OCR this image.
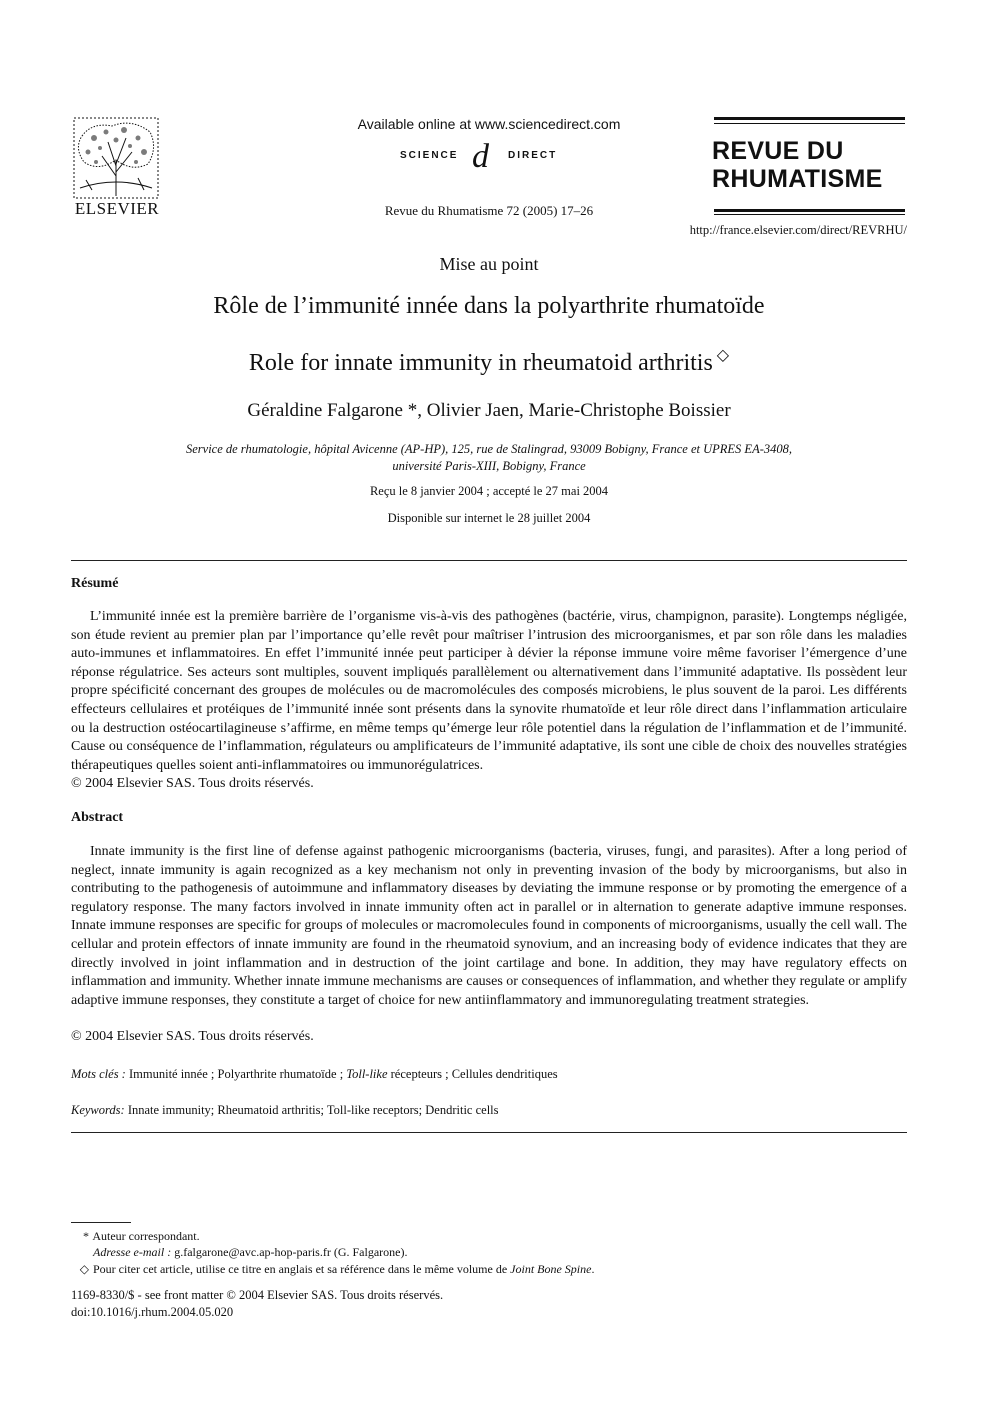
ELSEVIER
Available online at www.sciencedirect.com
SCIENCE d DIRECT
Revue du Rhumatisme 72 (2005) 17–26
REVUE DU
RHUMATISME
http://france.elsevier.com/direct/REVRHU/
Mise au point
Rôle de l’immunité innée dans la polyarthrite rhumatoïde
Role for innate immunity in rheumatoid arthritis ◇
Géraldine Falgarone *, Olivier Jaen, Marie-Christophe Boissier
Service de rhumatologie, hôpital Avicenne (AP-HP), 125, rue de Stalingrad, 93009 Bobigny, France et UPRES EA-3408,
université Paris-XIII, Bobigny, France
Reçu le 8 janvier 2004 ; accepté le 27 mai 2004
Disponible sur internet le 28 juillet 2004
Résumé
L’immunité innée est la première barrière de l’organisme vis-à-vis des pathogènes (bactérie, virus, champignon, parasite). Longtemps négligée, son étude revient au premier plan par l’importance qu’elle revêt pour maîtriser l’intrusion des microorganismes, et par son rôle dans les maladies auto-immunes et inflammatoires. En effet l’immunité innée peut participer à dévier la réponse immune voire même favoriser l’émergence d’une réponse régulatrice. Ses acteurs sont multiples, souvent impliqués parallèlement ou alternativement dans l’immunité adaptative. Ils possèdent leur propre spécificité concernant des groupes de molécules ou de macromolécules des composés microbiens, le plus souvent de la paroi. Les différents effecteurs cellulaires et protéiques de l’immunité innée sont présents dans la synovite rhumatoïde et leur rôle direct dans l’inflammation articulaire ou la destruction ostéocartilagineuse s’affirme, en même temps qu’émerge leur rôle potentiel dans la régulation de l’inflammation et de l’immunité. Cause ou conséquence de l’inflammation, régulateurs ou amplificateurs de l’immunité adaptative, ils sont une cible de choix des nouvelles stratégies thérapeutiques quelles soient anti-inflammatoires ou immunorégulatrices.
© 2004 Elsevier SAS. Tous droits réservés.
Abstract
Innate immunity is the first line of defense against pathogenic microorganisms (bacteria, viruses, fungi, and parasites). After a long period of neglect, innate immunity is again recognized as a key mechanism not only in preventing invasion of the body by microorganisms, but also in contributing to the pathogenesis of autoimmune and inflammatory diseases by deviating the immune response or by promoting the emergence of a regulatory response. The many factors involved in innate immunity often act in parallel or in alternation to generate adaptive immune responses. Innate immune responses are specific for groups of molecules or macromolecules found in components of microorganisms, usually the cell wall. The cellular and protein effectors of innate immunity are found in the rheumatoid synovium, and an increasing body of evidence indicates that they are directly involved in joint inflammation and in destruction of the joint cartilage and bone. In addition, they may have regulatory effects on inflammation and immunity. Whether innate immune mechanisms are causes or consequences of inflammation, and whether they regulate or amplify adaptive immune responses, they constitute a target of choice for new antiinflammatory and immunoregulating treatment strategies.
© 2004 Elsevier SAS. Tous droits réservés.
Mots clés : Immunité innée ; Polyarthrite rhumatoïde ; Toll-like récepteurs ; Cellules dendritiques
Keywords: Innate immunity; Rheumatoid arthritis; Toll-like receptors; Dendritic cells
* Auteur correspondant.
Adresse e-mail : g.falgarone@avc.ap-hop-paris.fr (G. Falgarone).
◇ Pour citer cet article, utilise ce titre en anglais et sa référence dans le même volume de Joint Bone Spine.
1169-8330/$ - see front matter © 2004 Elsevier SAS. Tous droits réservés.
doi:10.1016/j.rhum.2004.05.020
